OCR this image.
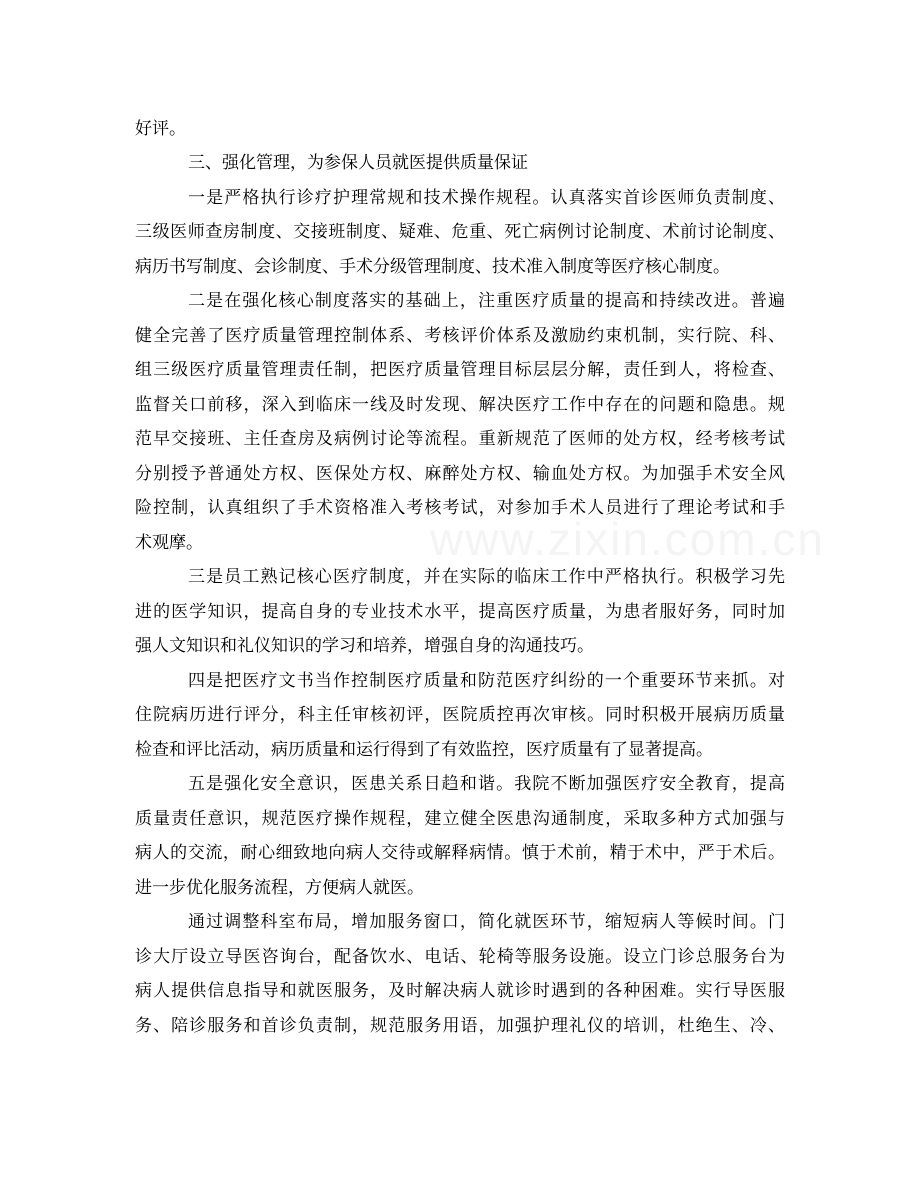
www.zixin.com.cn
好评。
三、强化管理，为参保人员就医提供质量保证
一是严格执行诊疗护理常规和技术操作规程。认真落实首诊医师负责制度、
三级医师查房制度、交接班制度、疑难、危重、死亡病例讨论制度、术前讨论制度、
病历书写制度、会诊制度、手术分级管理制度、技术准入制度等医疗核心制度。
二是在强化核心制度落实的基础上，注重医疗质量的提高和持续改进。普遍
健全完善了医疗质量管理控制体系、考核评价体系及激励约束机制，实行院、科、
组三级医疗质量管理责任制，把医疗质量管理目标层层分解，责任到人，将检查、
监督关口前移，深入到临床一线及时发现、解决医疗工作中存在的问题和隐患。规
范早交接班、主任查房及病例讨论等流程。重新规范了医师的处方权，经考核考试
分别授予普通处方权、医保处方权、麻醉处方权、输血处方权。为加强手术安全风
险控制，认真组织了手术资格准入考核考试，对参加手术人员进行了理论考试和手
术观摩。
三是员工熟记核心医疗制度，并在实际的临床工作中严格执行。积极学习先
进的医学知识，提高自身的专业技术水平，提高医疗质量，为患者服好务，同时加
强人文知识和礼仪知识的学习和培养，增强自身的沟通技巧。
四是把医疗文书当作控制医疗质量和防范医疗纠纷的一个重要环节来抓。对
住院病历进行评分，科主任审核初评，医院质控再次审核。同时积极开展病历质量
检查和评比活动，病历质量和运行得到了有效监控，医疗质量有了显著提高。
五是强化安全意识，医患关系日趋和谐。我院不断加强医疗安全教育，提高
质量责任意识，规范医疗操作规程，建立健全医患沟通制度，采取多种方式加强与
病人的交流，耐心细致地向病人交待或解释病情。慎于术前，精于术中，严于术后。
进一步优化服务流程，方便病人就医。
通过调整科室布局，增加服务窗口，简化就医环节，缩短病人等候时间。门
诊大厅设立导医咨询台，配备饮水、电话、轮椅等服务设施。设立门诊总服务台为
病人提供信息指导和就医服务，及时解决病人就诊时遇到的各种困难。实行导医服
务、陪诊服务和首诊负责制，规范服务用语，加强护理礼仪的培训，杜绝生、冷、
